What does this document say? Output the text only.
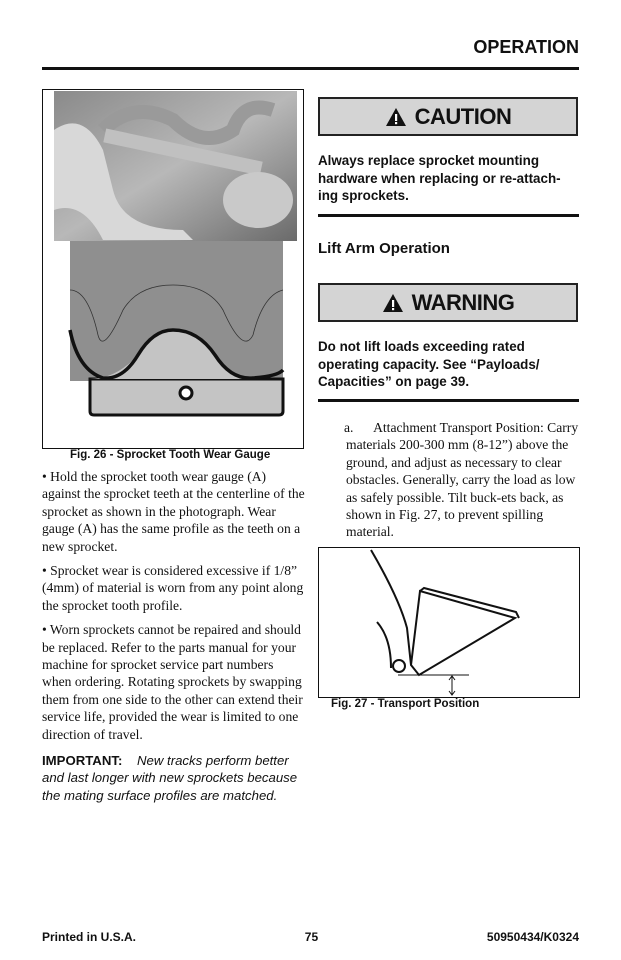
OPERATION
Fig. 26 - Sprocket Tooth Wear Gauge

• Hold the sprocket tooth wear gauge (A) against the sprocket teeth at the centerline of the sprocket as shown in the photograph. Wear gauge (A) has the same profile as the teeth on a new sprocket.

• Sprocket wear is considered excessive if 1/8” (4mm) of material is worn from any point along the sprocket tooth profile.

• Worn sprockets cannot be repaired and should be replaced. Refer to the parts manual for your machine for sprocket service part numbers when ordering. Rotating sprockets by swapping them from one side to the other can extend their service life, provided the wear is limited to one direction of travel.

IMPORTANT: New tracks perform better and last longer with new sprockets because the mating surface profiles are matched.
CAUTION
Always replace sprocket mounting hardware when replacing or re-attach-ing sprockets.
Lift Arm Operation
WARNING
Do not lift loads exceeding rated operating capacity. See “Payloads/ Capacities” on page 39.
a. Attachment Transport Position: Carry materials 200-300 mm (8-12”) above the ground, and adjust as necessary to clear obstacles. Generally, carry the load as low as safely possible. Tilt buck-ets back, as shown in Fig. 27, to prevent spilling material.
Fig. 27 - Transport Position
Printed in U.S.A.	75	50950434/K0324
